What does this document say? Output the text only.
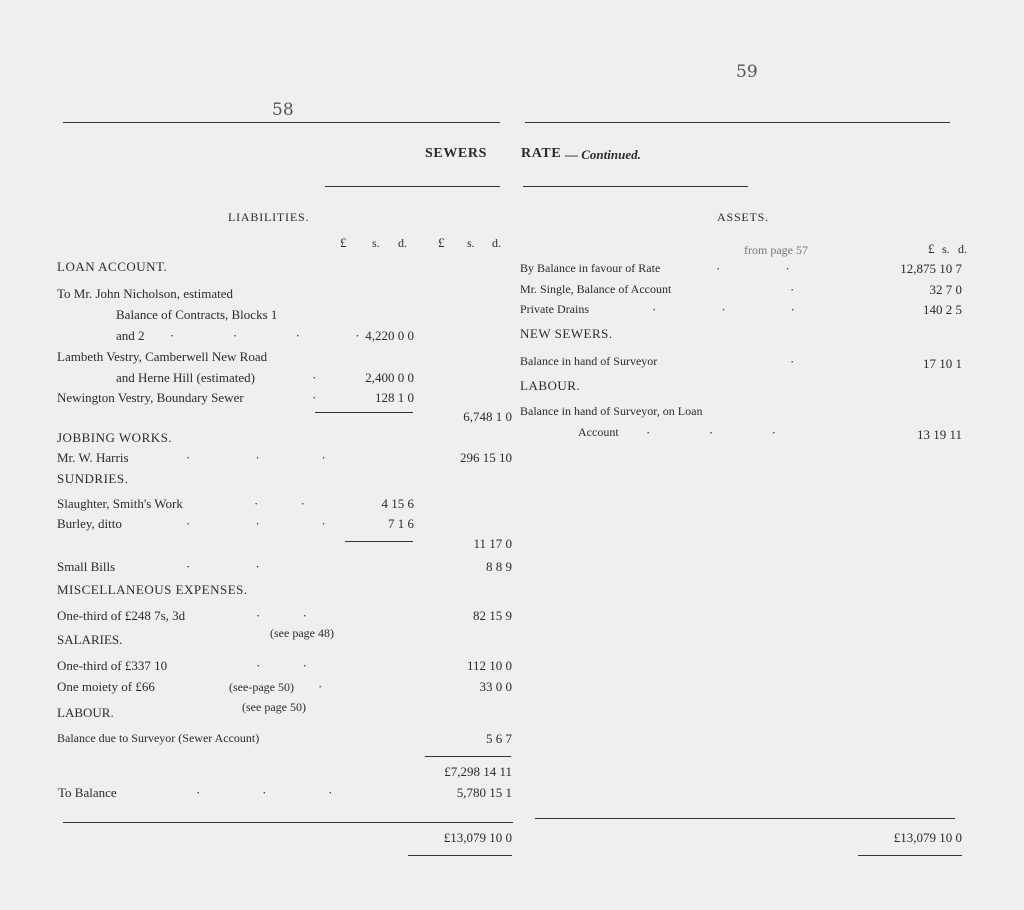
58
59
SEWERS RATE — Continued.
LIABILITIES.
£ s. d. £ s. d.
LOAN ACCOUNT.
To Mr. John Nicholson, estimated
Balance of Contracts, Blocks 1
and 2 ·                  ·                  ·                 · 4,220 0 0
Lambeth Vestry, Camberwell New Road
and Herne Hill (estimated)	·	2,400 0 0
Newington Vestry, Boundary Sewer	·	128 1 0
6,748 1 0
JOBBING WORKS.
Mr. W. Harris	·                    ·                   ·	296 15 10
SUNDRIES.
Slaughter, Smith's Work	·             ·	4 15 6
Burley, ditto	·                    ·                   ·	7 1 6
11 17 0
Small Bills	·                    ·	8 8 9
MISCELLANEOUS EXPENSES.
One-third of £248 7s, 3d	·             ·	82 15 9
SALARIES.	(see page 48)
One-third of £337 10	·             ·	112 10 0
One moiety of £66	(see-page 50) ·	33 0 0
LABOUR.	(see page 50)
Balance due to Surveyor (Sewer Account)	5 6 7
£7,298 14 11
To Balance	·                   ·                   ·	5,780 15 1
£13,079 10 0
ASSETS.
from page 57	£ s. d.
By Balance in favour of Rate	·                    ·	12,875 10 7
Mr. Single, Balance of Account	·	32 7 0
Private Drains	·                    ·                    ·	140 2 5
NEW SEWERS.
Balance in hand of Surveyor	·	17 10 1
LABOUR.
Balance in hand of Surveyor, on Loan
Account ·                  ·                  ·	13 19 11
£13,079 10 0
